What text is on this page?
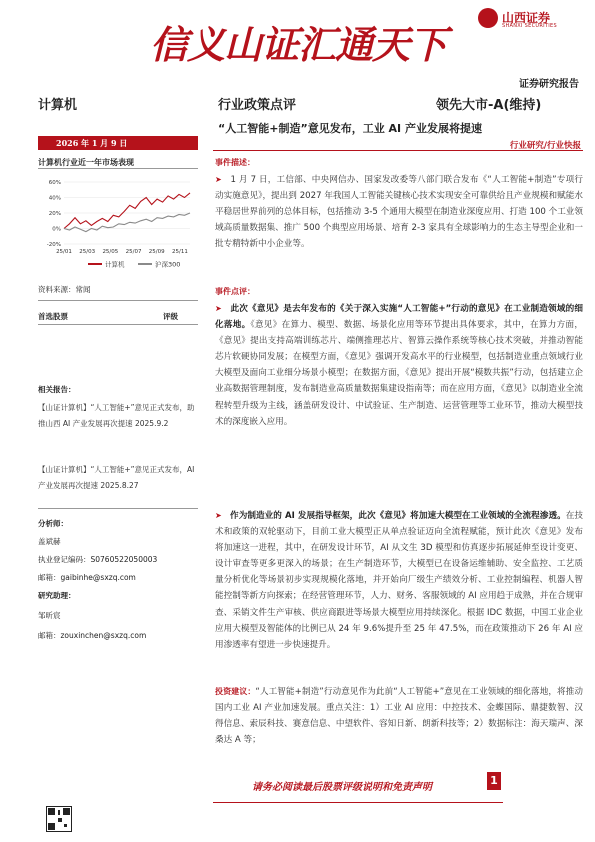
信义山证汇通天下
山西证券
SHANXI SECURITIES
证券研究报告
计算机	行业政策点评	领先大市-A(维持)
“人工智能+制造”意见发布，工业 AI 产业发展将提速
2026 年 1 月 9 日	行业研究/行业快报
计算机行业近一年市场表现
60%
40%
20%
0%
-20%
25/01 25/03 25/05 25/07 25/09 25/11
计算机	沪深300
资料来源：常闻
首选股票	评级
相关报告：
【山证计算机】“人工智能+”意见正式发布，助推山西 AI 产业发展再次提速 2025.9.2
【山证计算机】“人工智能+”意见正式发布，AI 产业发展再次提速 2025.8.27
分析师：
盖斌赫
执业登记编码：S0760522050003
邮箱：gaibinhe@sxzq.com
研究助理：
邹昕宸
邮箱：zouxinchen@sxzq.com
事件描述：
➤ 1 月 7 日，工信部、中央网信办、国家发改委等八部门联合发布《“人工智能+制造”专项行动实施意见》，提出到 2027 年我国人工智能关键核心技术实现安全可靠供给且产业规模和赋能水平稳居世界前列的总体目标，包括推动 3-5 个通用大模型在制造业深度应用、打造 100 个工业领域高质量数据集、推广 500 个典型应用场景、培育 2-3 家具有全球影响力的生态主导型企业和一批专精特新中小企业等。
事件点评：
➤ 此次《意见》是去年发布的《关于深入实施“人工智能+”行动的意见》在工业制造领域的细化落地。《意见》在算力、模型、数据、场景化应用等环节提出具体要求，其中，在算力方面，《意见》提出支持高端训练芯片、端侧推理芯片、智算云操作系统等核心技术突破，并推动智能芯片软硬协同发展；在模型方面，《意见》强调开发高水平的行业模型，包括制造业重点领域行业大模型及面向工业细分场景小模型；在数据方面，《意见》提出开展“模数共振”行动，包括建立企业高数据管理制度，发布制造业高质量数据集建设指南等；而在应用方面，《意见》以制造业全流程转型升级为主线，涵盖研发设计、中试验证、生产制造、运营管理等工业环节，推动大模型技术的深度嵌入应用。
➤ 作为制造业的 AI 发展指导框架，此次《意见》将加速大模型在工业领域的全流程渗透。在技术和政策的双轮驱动下，目前工业大模型正从单点验证迈向全流程赋能，预计此次《意见》发布将加速这一进程，其中，在研发设计环节，AI 从文生 3D 模型和仿真逐步拓展延伸至设计变更、设计审查等更多更深入的场景；在生产制造环节，大模型已在设备运维辅助、安全监控、工艺质量分析优化等场景初步实现规模化落地，并开始向厂级生产绩效分析、工业控制编程、机器人智能控制等新方向探索；在经营管理环节，人力、财务、客服领域的 AI 应用趋于成熟，并在合规审查、采销文件生产审核、供应商跟进等场景大模型应用持续深化。根据 IDC 数据，中国工业企业应用大模型及智能体的比例已从 24 年 9.6%提升至 25 年 47.5%，而在政策推动下 26 年 AI 应用渗透率有望进一步快速提升。
投资建议：“人工智能+制造”行动意见作为此前“人工智能+”意见在工业领域的细化落地，将推动国内工业 AI 产业加速发展。重点关注：1）工业 AI 应用：中控技术、金蝶国际、鼎捷数智、汉得信息、索辰科技、赛意信息、中望软件、容知日新、朗新科技等；2）数据标注：海天瑞声、深桑达 A 等；
请务必阅读最后股票评级说明和免责声明
1
